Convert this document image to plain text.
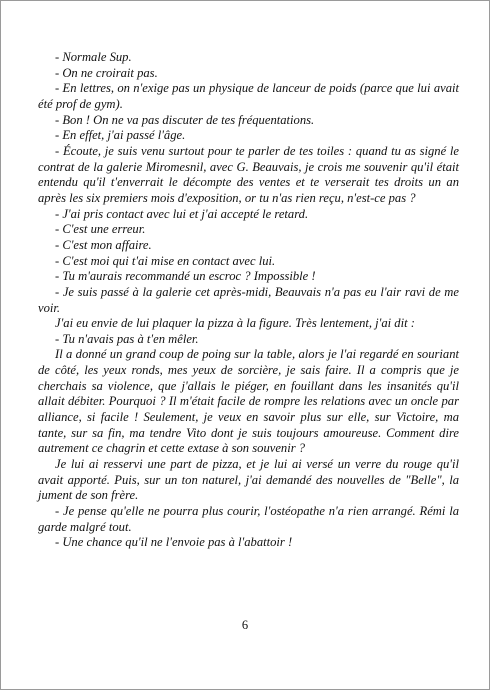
- Normale Sup.

- On ne croirait pas.

- En lettres, on n'exige pas un physique de lanceur de poids (parce que lui avait été prof de gym).

- Bon ! On ne va pas discuter de tes fréquentations.

- En effet, j'ai passé l'âge.

- Écoute, je suis venu surtout pour te parler de tes toiles : quand tu as signé le contrat de la galerie Miromesnil, avec G. Beauvais, je crois me souvenir qu'il était entendu qu'il t'enverrait le décompte des ventes et te verserait tes droits un an après les six premiers mois d'exposition, or tu n'as rien reçu, n'est-ce pas ?

- J'ai pris contact avec lui et j'ai accepté le retard.

- C'est une erreur.

- C'est mon affaire.

- C'est moi qui t'ai mise en contact avec lui.

- Tu m'aurais recommandé un escroc ? Impossible !

- Je suis passé à la galerie cet après-midi, Beauvais n'a pas eu l'air ravi de me voir.

J'ai eu envie de lui plaquer la pizza à la figure. Très lentement, j'ai dit :

- Tu n'avais pas à t'en mêler.

Il a donné un grand coup de poing sur la table, alors je l'ai regardé en souriant de côté, les yeux ronds, mes yeux de sorcière, je sais faire. Il a compris que je cherchais sa violence, que j'allais le piéger, en fouillant dans les insanités qu'il allait débiter. Pourquoi ? Il m'était facile de rompre les relations avec un oncle par alliance, si facile ! Seulement, je veux en savoir plus sur elle, sur Victoire, ma tante, sur sa fin, ma tendre Vito dont je suis toujours amoureuse. Comment dire autrement ce chagrin et cette extase à son souvenir ?

Je lui ai resservi une part de pizza, et je lui ai versé un verre du rouge qu'il avait apporté. Puis, sur un ton naturel, j'ai demandé des nouvelles de "Belle", la jument de son frère.

- Je pense qu'elle ne pourra plus courir, l'ostéopathe n'a rien arrangé. Rémi la garde malgré tout.

- Une chance qu'il ne l'envoie pas à l'abattoir !

6
